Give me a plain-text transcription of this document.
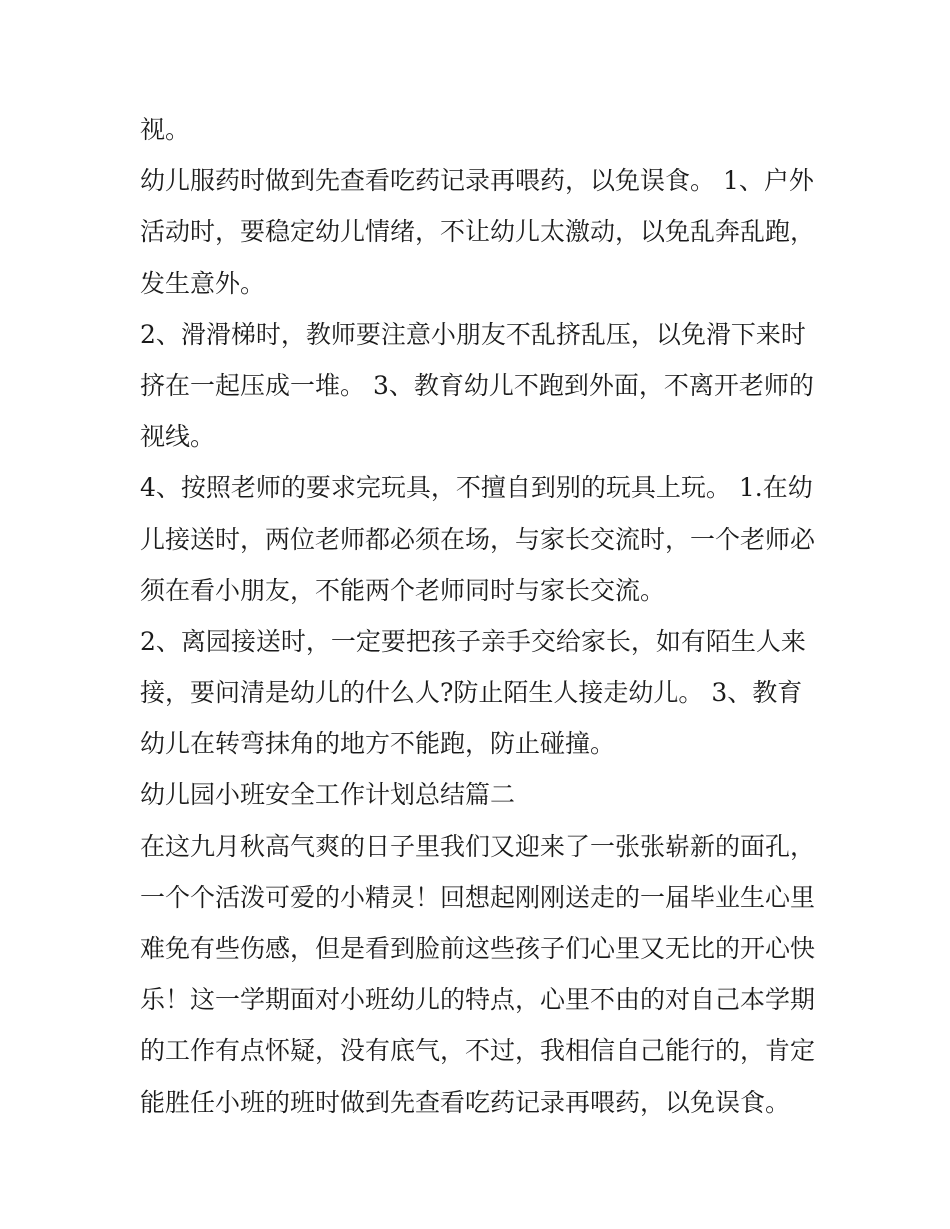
视。
幼儿服药时做到先查看吃药记录再喂药，以免误食。 1、户外
活动时，要稳定幼儿情绪，不让幼儿太激动，以免乱奔乱跑，
发生意外。
2、滑滑梯时，教师要注意小朋友不乱挤乱压，以免滑下来时
挤在一起压成一堆。 3、教育幼儿不跑到外面，不离开老师的
视线。
4、按照老师的要求完玩具，不擅自到别的玩具上玩。 1.在幼
儿接送时，两位老师都必须在场，与家长交流时，一个老师必
须在看小朋友，不能两个老师同时与家长交流。
2、离园接送时，一定要把孩子亲手交给家长，如有陌生人来
接，要问清是幼儿的什么人?防止陌生人接走幼儿。 3、教育
幼儿在转弯抹角的地方不能跑，防止碰撞。
幼儿园小班安全工作计划总结篇二
在这九月秋高气爽的日子里我们又迎来了一张张崭新的面孔，
一个个活泼可爱的小精灵！回想起刚刚送走的一届毕业生心里
难免有些伤感，但是看到脸前这些孩子们心里又无比的开心快
乐！这一学期面对小班幼儿的特点，心里不由的对自己本学期
的工作有点怀疑，没有底气，不过，我相信自己能行的，肯定
能胜任小班的班时做到先查看吃药记录再喂药，以免误食。
